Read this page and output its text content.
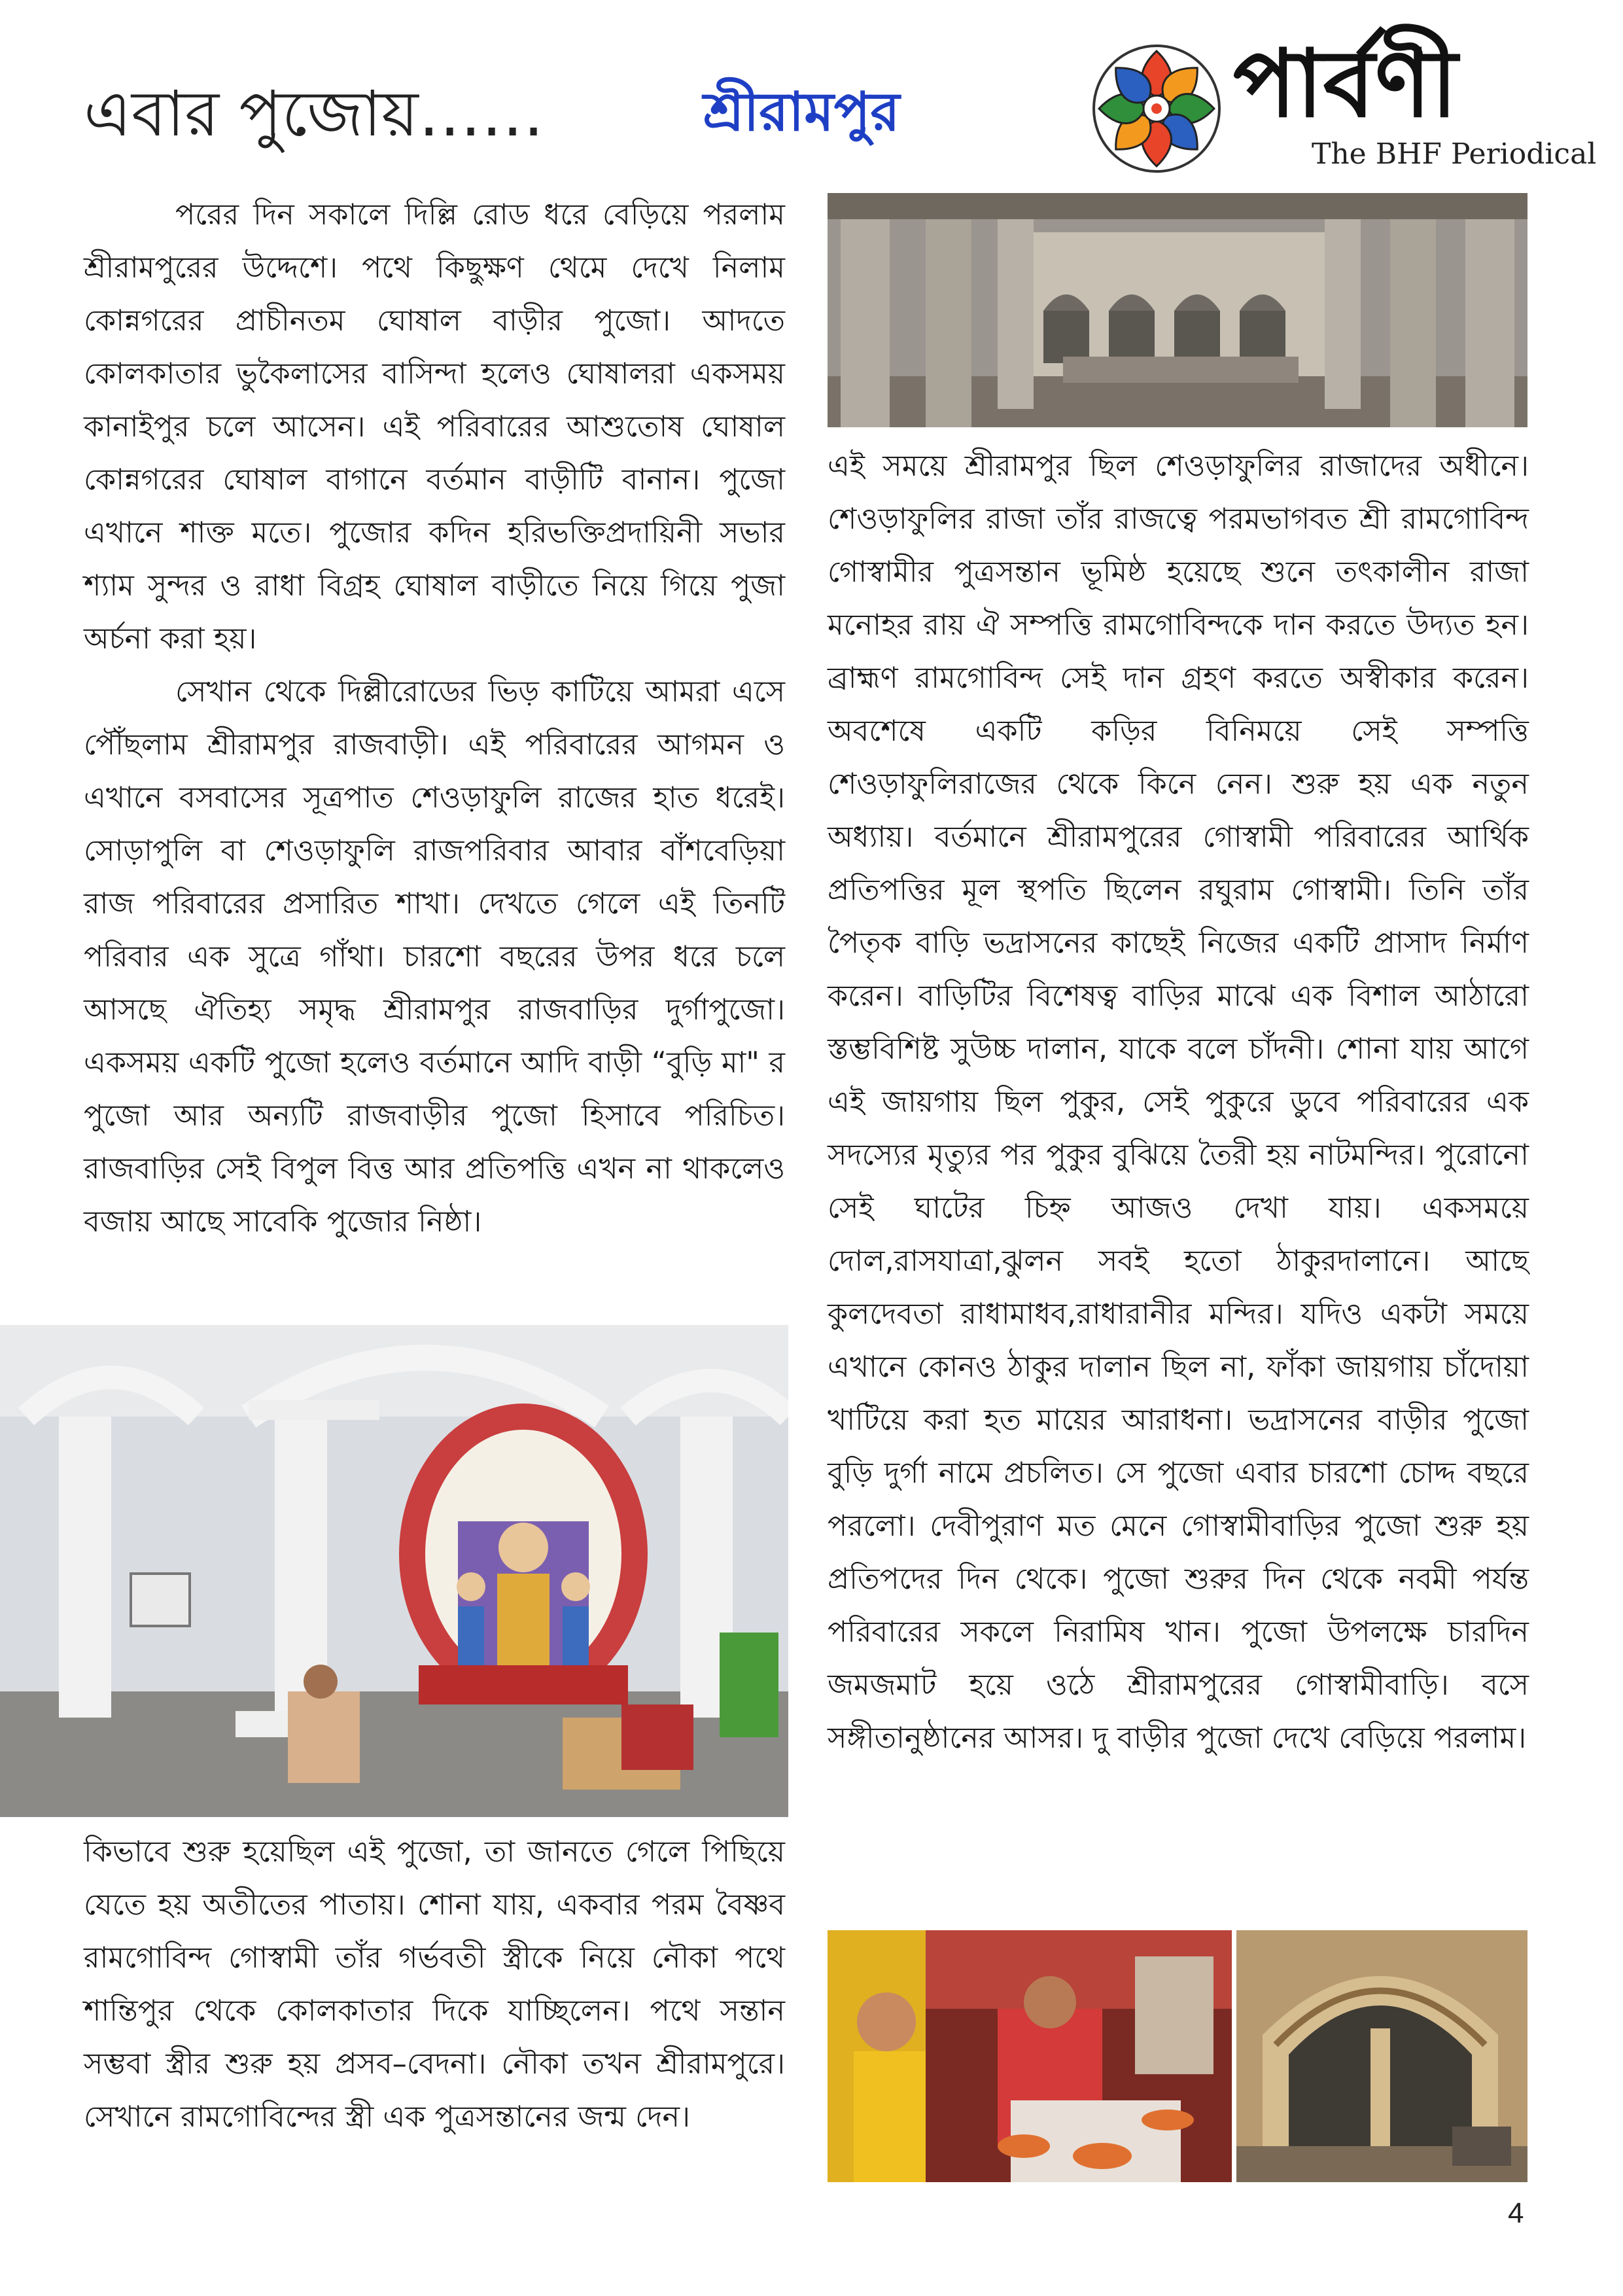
এবার পুজোয়……	শ্রীরামপুর	পার্বণী
The BHF Periodical

পরের দিন সকালে দিল্লি রোড ধরে বেড়িয়ে পরলাম শ্রীরামপুরের উদ্দেশে। পথে কিছুক্ষণ থেমে দেখে নিলাম কোন্নগরের প্রাচীনতম ঘোষাল বাড়ীর পুজো। আদতে কোলকাতার ভুকৈলাসের বাসিন্দা হলেও ঘোষালরা একসময় কানাইপুর চলে আসেন। এই পরিবারের আশুতোষ ঘোষাল কোন্নগরের ঘোষাল বাগানে বর্তমান বাড়ীটি বানান। পুজো এখানে শাক্ত মতে। পুজোর কদিন হরিভক্তিপ্রদায়িনী সভার শ্যাম সুন্দর ও রাধা বিগ্রহ ঘোষাল বাড়ীতে নিয়ে গিয়ে পুজা অর্চনা করা হয়।

সেখান থেকে দিল্লীরোডের ভিড় কাটিয়ে আমরা এসে পৌঁছলাম শ্রীরামপুর রাজবাড়ী। এই পরিবারের আগমন ও এখানে বসবাসের সূত্রপাত শেওড়াফুলি রাজের হাত ধরেই। সোড়াপুলি বা শেওড়াফুলি রাজপরিবার আবার বাঁশবেড়িয়া রাজ পরিবারের প্রসারিত শাখা। দেখতে গেলে এই তিনটি পরিবার এক সুত্রে গাঁথা। চারশো বছরের উপর ধরে চলে আসছে ঐতিহ্য সমৃদ্ধ শ্রীরামপুর রাজবাড়ির দুর্গাপুজো। একসময় একটি পুজো হলেও বর্তমানে আদি বাড়ী “বুড়ি মা" র পুজো আর অন্যটি রাজবাড়ীর পুজো হিসাবে পরিচিত। রাজবাড়ির সেই বিপুল বিত্ত আর প্রতিপত্তি এখন না থাকলেও বজায় আছে সাবেকি পুজোর নিষ্ঠা।

কিভাবে শুরু হয়েছিল এই পুজো, তা জানতে গেলে পিছিয়ে যেতে হয় অতীতের পাতায়। শোনা যায়, একবার পরম বৈষ্ণব রামগোবিন্দ গোস্বামী তাঁর গর্ভবতী স্ত্রীকে নিয়ে নৌকা পথে শান্তিপুর থেকে কোলকাতার দিকে যাচ্ছিলেন। পথে সন্তান সম্ভবা স্ত্রীর শুরু হয় প্রসব–বেদনা। নৌকা তখন শ্রীরামপুরে। সেখানে রামগোবিন্দের স্ত্রী এক পুত্রসন্তানের জন্ম দেন।

এই সময়ে শ্রীরামপুর ছিল শেওড়াফুলির রাজাদের অধীনে। শেওড়াফুলির রাজা তাঁর রাজত্বে পরমভাগবত শ্রী রামগোবিন্দ গোস্বামীর পুত্রসন্তান ভূমিষ্ঠ হয়েছে শুনে তৎকালীন রাজা মনোহর রায় ঐ সম্পত্তি রামগোবিন্দকে দান করতে উদ্যত হন। ব্রাহ্মণ রামগোবিন্দ সেই দান গ্রহণ করতে অস্বীকার করেন। অবশেষে একটি কড়ির বিনিময়ে সেই সম্পত্তি শেওড়াফুলিরাজের থেকে কিনে নেন। শুরু হয় এক নতুন অধ্যায়। বর্তমানে শ্রীরামপুরের গোস্বামী পরিবারের আর্থিক প্রতিপত্তির মূল স্থপতি ছিলেন রঘুরাম গোস্বামী। তিনি তাঁর পৈতৃক বাড়ি ভদ্রাসনের কাছেই নিজের একটি প্রাসাদ নির্মাণ করেন। বাড়িটির বিশেষত্ব বাড়ির মাঝে এক বিশাল আঠারো স্তম্ভবিশিষ্ট সুউচ্চ দালান, যাকে বলে চাঁদনী। শোনা যায় আগে এই জায়গায় ছিল পুকুর, সেই পুকুরে ডুবে পরিবারের এক সদস্যের মৃত্যুর পর পুকুর বুঝিয়ে তৈরী হয় নাটমন্দির। পুরোনো সেই ঘাটের চিহ্ন আজও দেখা যায়। একসময়ে দোল,রাসযাত্রা,ঝুলন সবই হতো ঠাকুরদালানে। আছে কুলদেবতা রাধামাধব,রাধারানীর মন্দির। যদিও একটা সময়ে এখানে কোনও ঠাকুর দালান ছিল না, ফাঁকা জায়গায় চাঁদোয়া খাটিয়ে করা হত মায়ের আরাধনা। ভদ্রাসনের বাড়ীর পুজো বুড়ি দুর্গা নামে প্রচলিত। সে পুজো এবার চারশো চোদ্দ বছরে পরলো। দেবীপুরাণ মত মেনে গোস্বামীবাড়ির পুজো শুরু হয় প্রতিপদের দিন থেকে। পুজো শুরুর দিন থেকে নবমী পর্যন্ত পরিবারের সকলে নিরামিষ খান। পুজো উপলক্ষে চারদিন জমজমাট হয়ে ওঠে শ্রীরামপুরের গোস্বামীবাড়ি। বসে সঙ্গীতানুষ্ঠানের আসর। দু বাড়ীর পুজো দেখে বেড়িয়ে পরলাম।

4
